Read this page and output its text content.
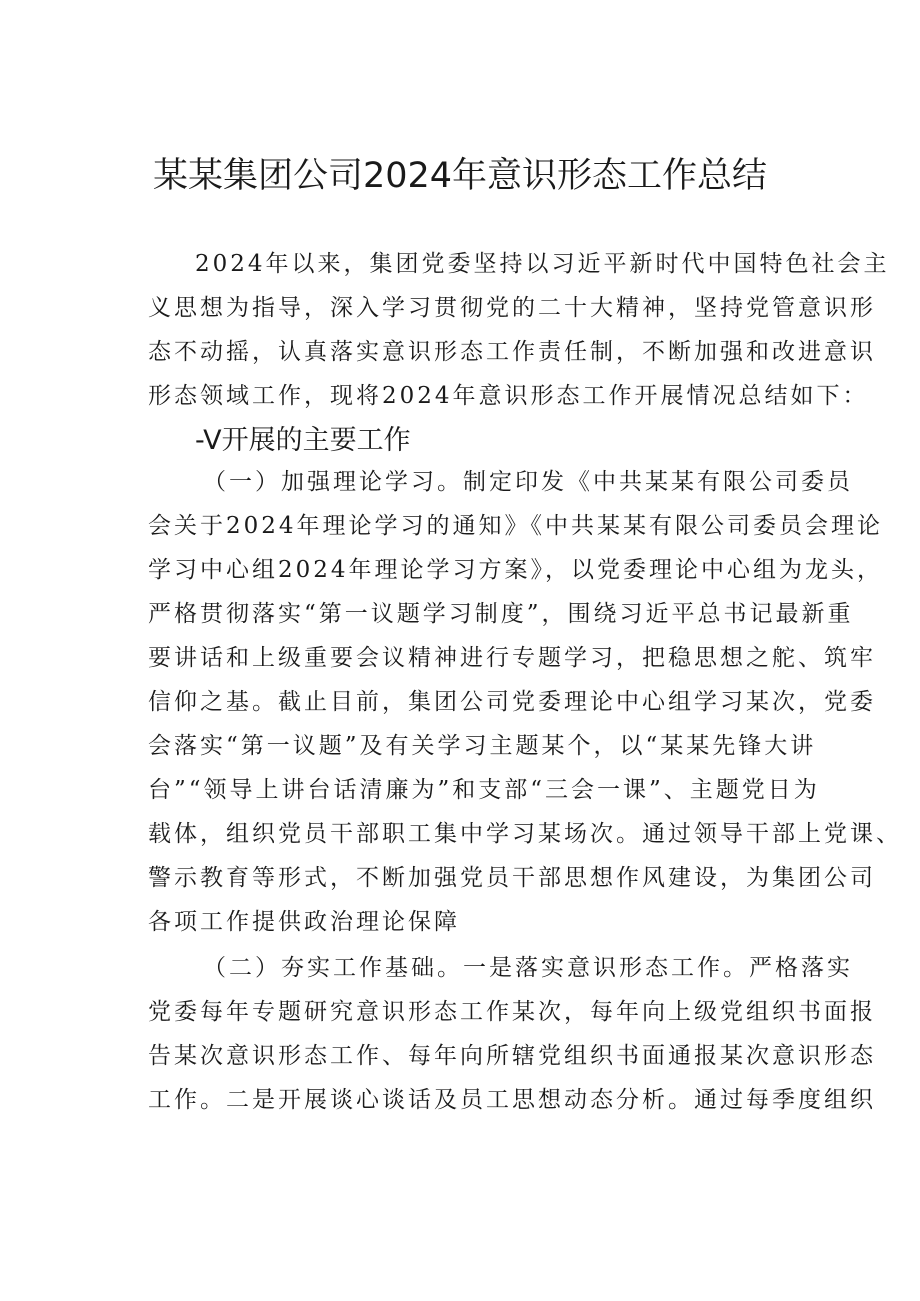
某某集团公司2024年意识形态工作总结
2024年以来，集团党委坚持以习近平新时代中国特色社会主
义思想为指导，深入学习贯彻党的二十大精神，坚持党管意识形
态不动摇，认真落实意识形态工作责任制，不断加强和改进意识
形态领域工作，现将2024年意识形态工作开展情况总结如下：
-V开展的主要工作
（一）加强理论学习。制定印发《中共某某有限公司委员
会关于2024年理论学习的通知》《中共某某有限公司委员会理论
学习中心组2024年理论学习方案》，以党委理论中心组为龙头，
严格贯彻落实“第一议题学习制度”，围绕习近平总书记最新重
要讲话和上级重要会议精神进行专题学习，把稳思想之舵、筑牢
信仰之基。截止目前，集团公司党委理论中心组学习某次，党委
会落实“第一议题”及有关学习主题某个，以“某某先锋大讲
台”“领导上讲台话清廉为”和支部“三会一课”、主题党日为
载体，组织党员干部职工集中学习某场次。通过领导干部上党课、
警示教育等形式，不断加强党员干部思想作风建设，为集团公司
各项工作提供政治理论保障
（二）夯实工作基础。一是落实意识形态工作。严格落实
党委每年专题研究意识形态工作某次，每年向上级党组织书面报
告某次意识形态工作、每年向所辖党组织书面通报某次意识形态
工作。二是开展谈心谈话及员工思想动态分析。通过每季度组织
